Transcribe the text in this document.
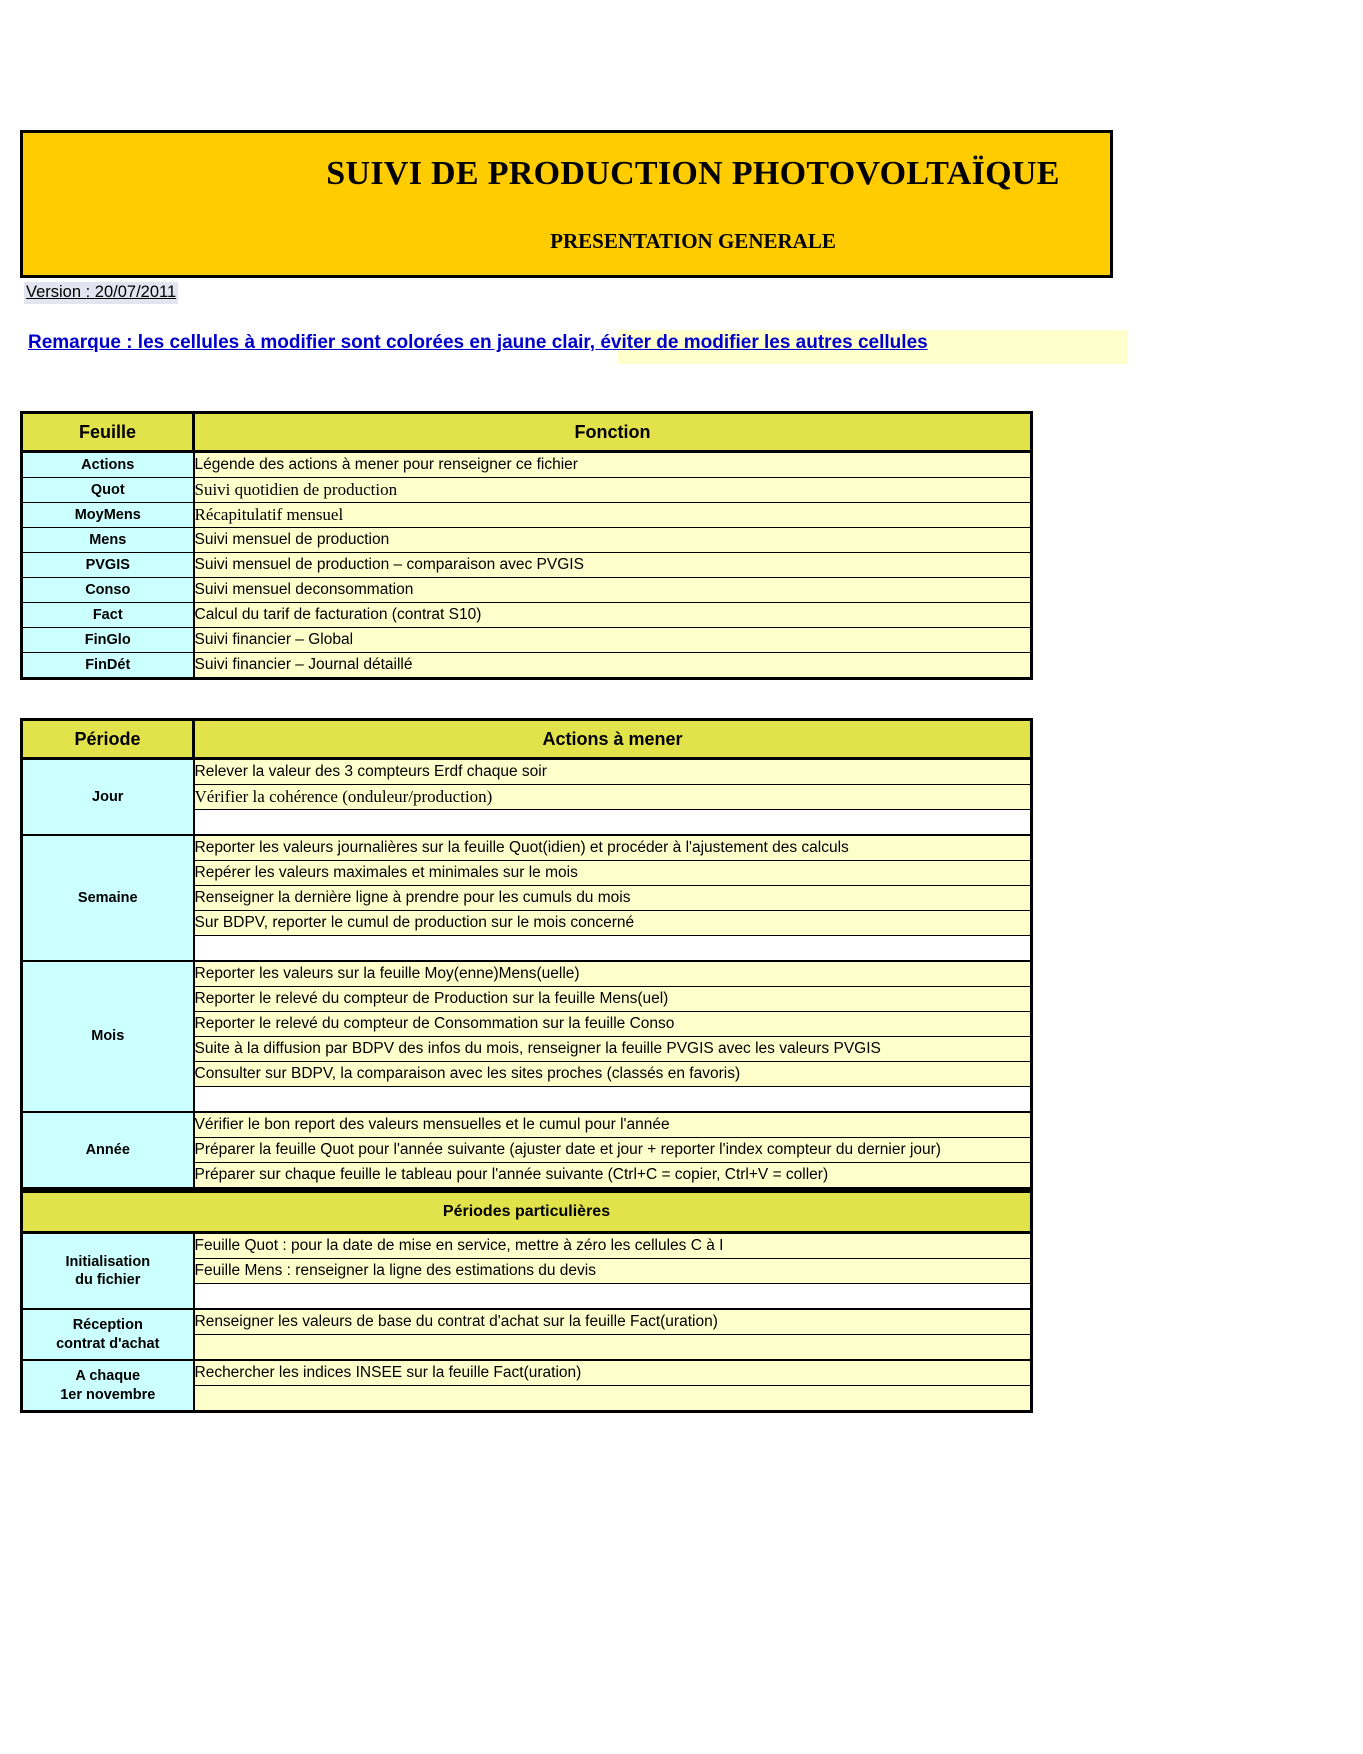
SUIVI DE PRODUCTION PHOTOVOLTAÏQUE
PRESENTATION GENERALE
Version : 20/07/2011
Remarque : les cellules à modifier sont colorées en jaune clair, éviter de modifier les autres cellules
Feuille	Fonction
Actions	Légende des actions à mener pour renseigner ce fichier
Quot	Suivi quotidien de production
MoyMens	Récapitulatif mensuel
Mens	Suivi mensuel de production
PVGIS	Suivi mensuel de production – comparaison avec PVGIS
Conso	Suivi mensuel deconsommation
Fact	Calcul du tarif de facturation (contrat S10)
FinGlo	Suivi financier – Global
FinDét	Suivi financier – Journal détaillé
Période	Actions à mener
Jour	Relever la valeur des 3 compteurs Erdf chaque soir
	Vérifier la cohérence (onduleur/production)

Semaine	Reporter les valeurs journalières sur la feuille Quot(idien) et procéder à l'ajustement des calculs
	Repérer les valeurs maximales et minimales sur le mois
	Renseigner la dernière ligne à prendre pour les cumuls du mois
	Sur BDPV, reporter le cumul de production sur le mois concerné

Mois	Reporter les valeurs sur la feuille Moy(enne)Mens(uelle)
	Reporter le relevé du compteur de Production sur la feuille Mens(uel)
	Reporter le relevé du compteur de Consommation sur la feuille Conso
	Suite à la diffusion par BDPV des infos du mois, renseigner la feuille PVGIS avec les valeurs PVGIS
	Consulter sur BDPV, la comparaison avec les sites proches (classés en favoris)

Année	Vérifier le bon report des valeurs mensuelles et le cumul pour l'année
	Préparer la feuille Quot pour l'année suivante (ajuster date et jour + reporter l'index compteur du dernier jour)
	Préparer sur chaque feuille le tableau pour l'année suivante (Ctrl+C = copier, Ctrl+V = coller)
Périodes particulières	

Initialisation
du fichier	Feuille Quot : pour la date de mise en service, mettre à zéro les cellules C à I
	Feuille Mens : renseigner la ligne des estimations du devis

Réception
contrat d'achat	Renseigner les valeurs de base du contrat d'achat sur la feuille Fact(uration)

A chaque
1er novembre	Rechercher les indices INSEE sur la feuille Fact(uration)
